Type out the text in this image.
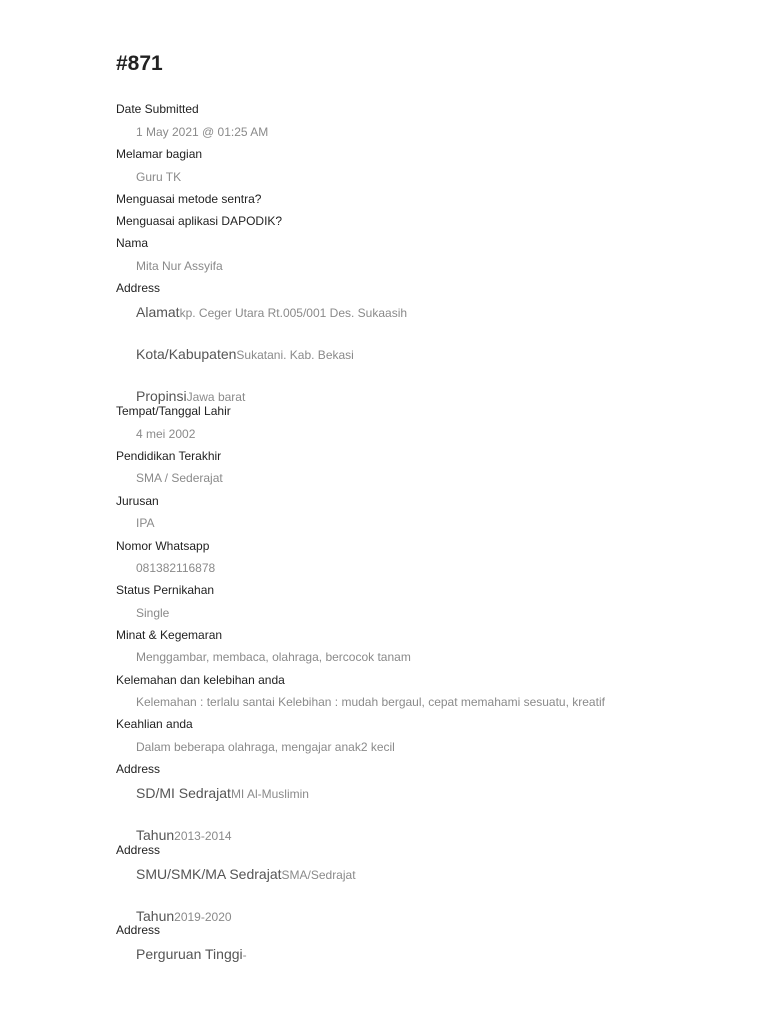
#871
Date Submitted
1 May 2021 @ 01:25 AM
Melamar bagian
Guru TK
Menguasai metode sentra?
Menguasai aplikasi DAPODIK?
Nama
Mita Nur Assyifa
Address
Alamatkp. Ceger Utara Rt.005/001 Des. Sukaasih
Kota/KabupatenSukatani. Kab. Bekasi
PropinsiJawa barat
Tempat/Tanggal Lahir
4 mei 2002
Pendidikan Terakhir
SMA / Sederajat
Jurusan
IPA
Nomor Whatsapp
081382116878
Status Pernikahan
Single
Minat & Kegemaran
Menggambar, membaca, olahraga, bercocok tanam
Kelemahan dan kelebihan anda
Kelemahan : terlalu santai Kelebihan : mudah bergaul, cepat memahami sesuatu, kreatif
Keahlian anda
Dalam beberapa olahraga, mengajar anak2 kecil
Address
SD/MI SedrajatMI Al-Muslimin
Tahun2013-2014
Address
SMU/SMK/MA SedrajatSMA/Sedrajat
Tahun2019-2020
Address
Perguruan Tinggi-
